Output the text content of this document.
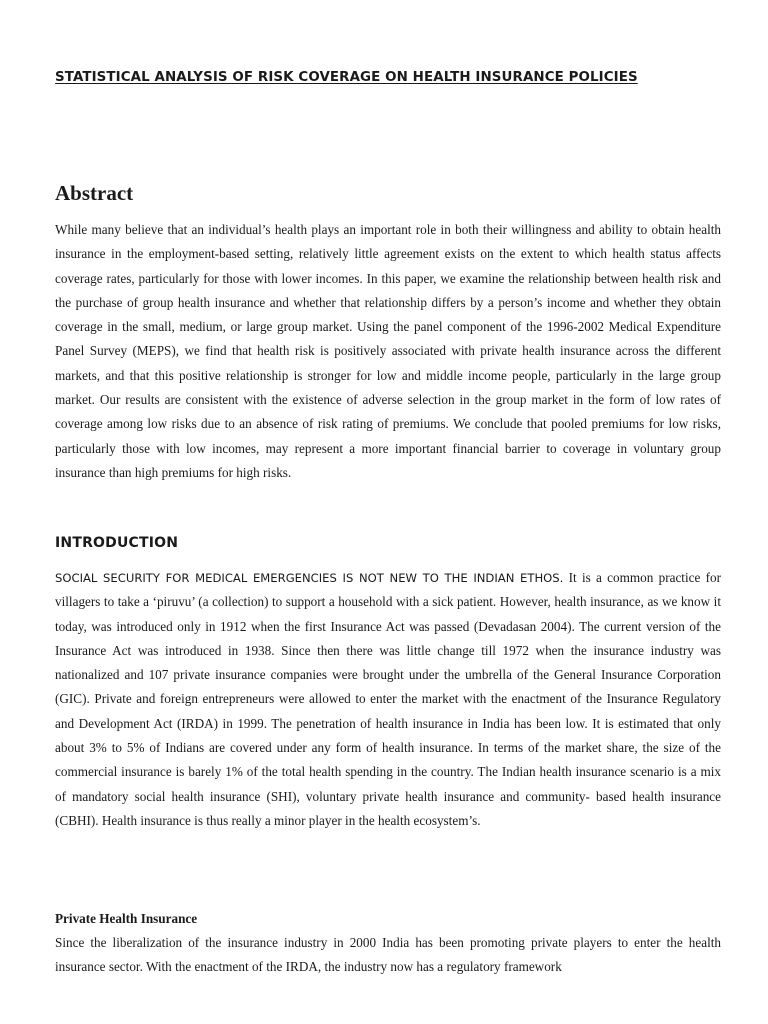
STATISTICAL ANALYSIS OF RISK COVERAGE ON HEALTH INSURANCE POLICIES
Abstract

While many believe that an individual’s health plays an important role in both their willingness and ability to obtain health insurance in the employment-based setting, relatively little agreement exists on the extent to which health status affects coverage rates, particularly for those with lower incomes. In this paper, we examine the relationship between health risk and the purchase of group health insurance and whether that relationship differs by a person’s income and whether they obtain coverage in the small, medium, or large group market. Using the panel component of the 1996-2002 Medical Expenditure Panel Survey (MEPS), we find that health risk is positively associated with private health insurance across the different markets, and that this positive relationship is stronger for low and middle income people, particularly in the large group market. Our results are consistent with the existence of adverse selection in the group market in the form of low rates of coverage among low risks due to an absence of risk rating of premiums. We conclude that pooled premiums for low risks, particularly those with low incomes, may represent a more important financial barrier to coverage in voluntary group insurance than high premiums for high risks.

INTRODUCTION

SOCIAL SECURITY FOR MEDICAL EMERGENCIES IS NOT NEW TO THE INDIAN ETHOS. It is a common practice for villagers to take a ‘piruvu’ (a collection) to support a household with a sick patient. However, health insurance, as we know it today, was introduced only in 1912 when the first Insurance Act was passed (Devadasan 2004). The current version of the Insurance Act was introduced in 1938. Since then there was little change till 1972 when the insurance industry was nationalized and 107 private insurance companies were brought under the umbrella of the General Insurance Corporation (GIC). Private and foreign entrepreneurs were allowed to enter the market with the enactment of the Insurance Regulatory and Development Act (IRDA) in 1999. The penetration of health insurance in India has been low. It is estimated that only about 3% to 5% of Indians are covered under any form of health insurance. In terms of the market share, the size of the commercial insurance is barely 1% of the total health spending in the country. The Indian health insurance scenario is a mix of mandatory social health insurance (SHI), voluntary private health insurance and community- based health insurance (CBHI). Health insurance is thus really a minor player in the health ecosystem’s.

Private Health Insurance

Since the liberalization of the insurance industry in 2000 India has been promoting private players to enter the health insurance sector. With the enactment of the IRDA, the industry now has a regulatory framework
